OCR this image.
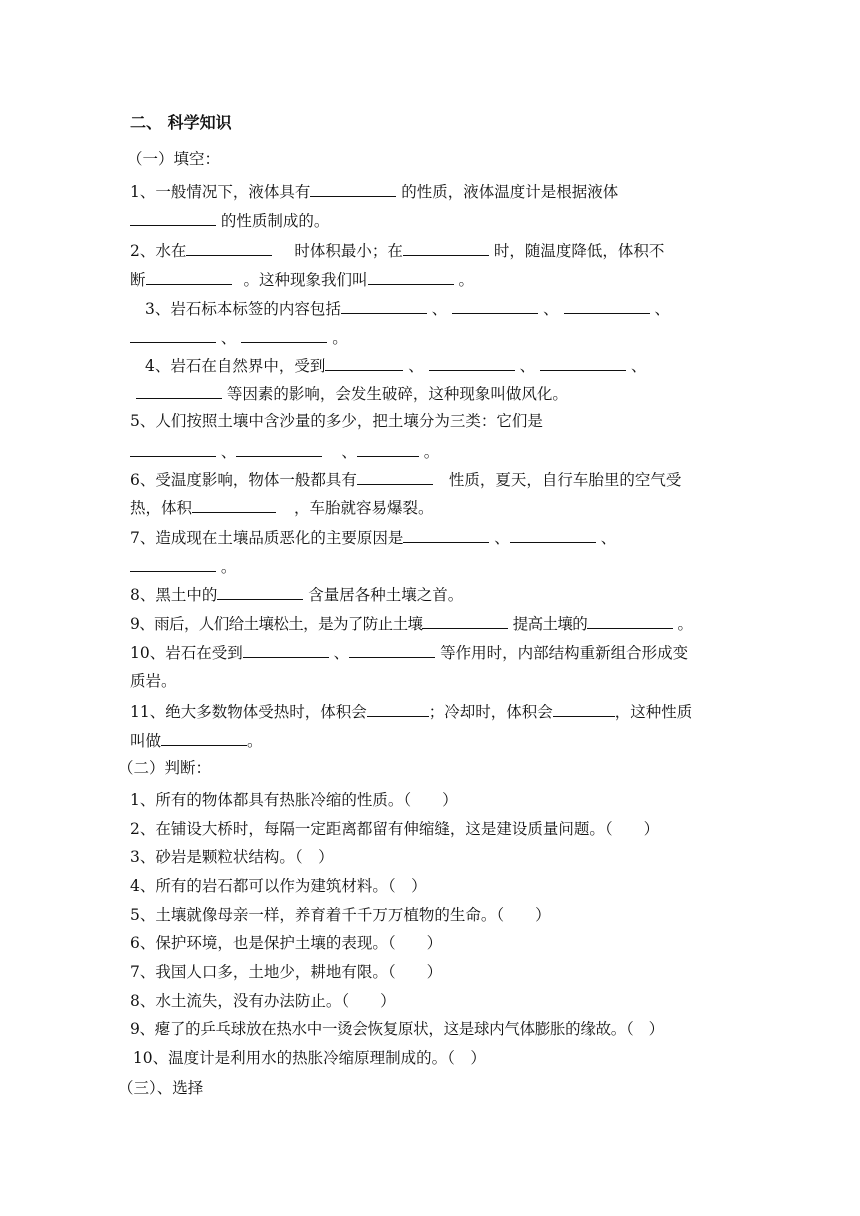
二、 科学知识
（一）填空：
1、一般情况下，液体具有	的性质，液体温度计是根据液体
的性质制成的。
2、水在	时体积最小；在	时，随温度降低，体积不
断	。这种现象我们叫	。
3、岩石标本标签的内容包括	、	、	、
、	。
4、岩石在自然界中，受到	、	、	、
等因素的影响，会发生破碎，这种现象叫做风化。
5、人们按照土壤中含沙量的多少，把土壤分为三类：它们是
、	、	。
6、受温度影响，物体一般都具有	性质，夏天，自行车胎里的空气受
热，体积	，车胎就容易爆裂。
7、造成现在土壤品质恶化的主要原因是	、	、
。
8、黑土中的	含量居各种土壤之首。
9、雨后，人们给土壤松土，是为了防止土壤	提高土壤的	。
10、岩石在受到	、	等作用时，内部结构重新组合形成变
质岩。
11、绝大多数物体受热时，体积会	；冷却时，体积会	，这种性质
叫做	。
（二）判断：
1、所有的物体都具有热胀冷缩的性质。（　　）
2、在铺设大桥时，每隔一定距离都留有伸缩缝，这是建设质量问题。（　　）
3、砂岩是颗粒状结构。（　）
4、所有的岩石都可以作为建筑材料。（　）
5、土壤就像母亲一样，养育着千千万万植物的生命。（　　）
6、保护环境，也是保护土壤的表现。（　　）
7、我国人口多，土地少，耕地有限。（　　）
8、水土流失，没有办法防止。（　　）
9、瘪了的乒乓球放在热水中一烫会恢复原状，这是球内气体膨胀的缘故。（　）
10、温度计是利用水的热胀冷缩原理制成的。（　）
（三）、选择
